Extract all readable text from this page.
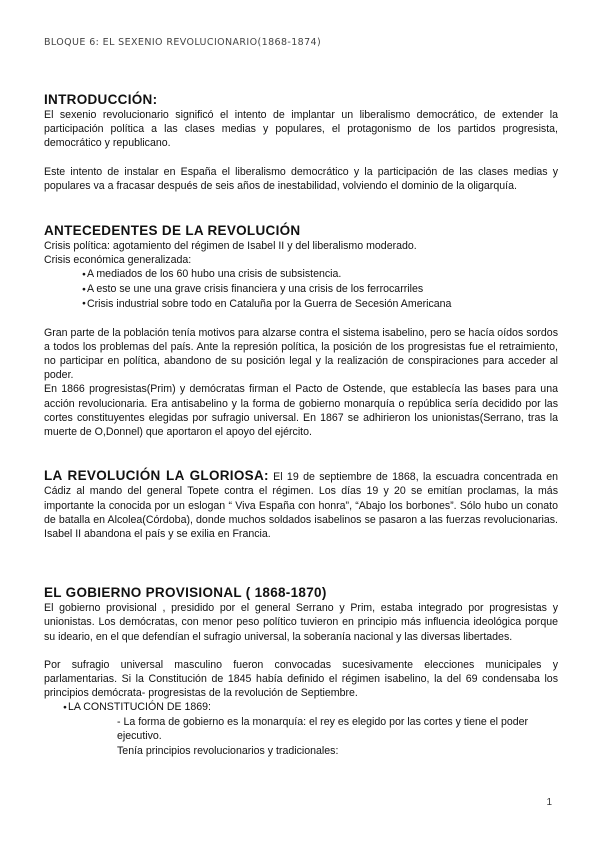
BLOQUE 6: EL SEXENIO REVOLUCIONARIO(1868-1874)
INTRODUCCIÓN:

El sexenio revolucionario significó el intento de implantar un liberalismo democrático, de extender la participación política a las clases medias y populares, el protagonismo de los partidos progresista, democrático y republicano.

Este intento de instalar en España el liberalismo democrático y la participación de las clases medias y populares va a fracasar después de seis años de inestabilidad, volviendo el dominio de la oligarquía.

ANTECEDENTES DE LA REVOLUCIÓN
Crisis política: agotamiento del régimen de Isabel II y del liberalismo moderado.
Crisis económica generalizada:
● A mediados de los 60 hubo una crisis de subsistencia.
● A esto se une una grave crisis financiera y una crisis de los ferrocarriles
● Crisis industrial sobre todo en Cataluña por la Guerra de Secesión Americana

Gran parte de la población tenía motivos para alzarse contra el sistema isabelino, pero se hacía oídos sordos a todos los problemas del país. Ante la represión política, la posición de los progresistas fue el retraimiento, no participar en política, abandono de su posición legal y la realización de conspiraciones para acceder al poder.

En 1866 progresistas(Prim) y demócratas firman el Pacto de Ostende, que establecía las bases para una acción revolucionaria. Era antisabelino y la forma de gobierno monarquía o república sería decidido por las cortes constituyentes elegidas por sufragio universal. En 1867 se adhirieron los unionistas(Serrano, tras la muerte de O,Donnel) que aportaron el apoyo del ejército.

LA REVOLUCIÓN LA GLORIOSA: El 19 de septiembre de 1868, la escuadra concentrada en Cádiz al mando del general Topete contra el régimen. Los días 19 y 20 se emitían proclamas, la más importante la conocida por un eslogan “ Viva España con honra”, “Abajo los borbones”. Sólo hubo un conato de batalla en Alcolea(Córdoba), donde muchos soldados isabelinos se pasaron a las fuerzas revolucionarias. Isabel II abandona el país y se exilia en Francia.

EL GOBIERNO PROVISIONAL ( 1868-1870)

El gobierno provisional , presidido por el general Serrano y Prim, estaba integrado por progresistas y unionistas. Los demócratas, con menor peso político tuvieron en principio más influencia ideológica porque su ideario, en el que defendían el sufragio universal, la soberanía nacional y las diversas libertades.

Por sufragio universal masculino fueron convocadas sucesivamente elecciones municipales y parlamentarias. Si la Constitución de 1845 había definido el régimen isabelino, la del 69 condensaba los principios demócrata- progresistas de la revolución de Septiembre.

● LA CONSTITUCIÓN DE 1869:
- La forma de gobierno es la monarquía: el rey es elegido por las cortes y tiene el poder ejecutivo.
Tenía principios revolucionarios y tradicionales:
1
